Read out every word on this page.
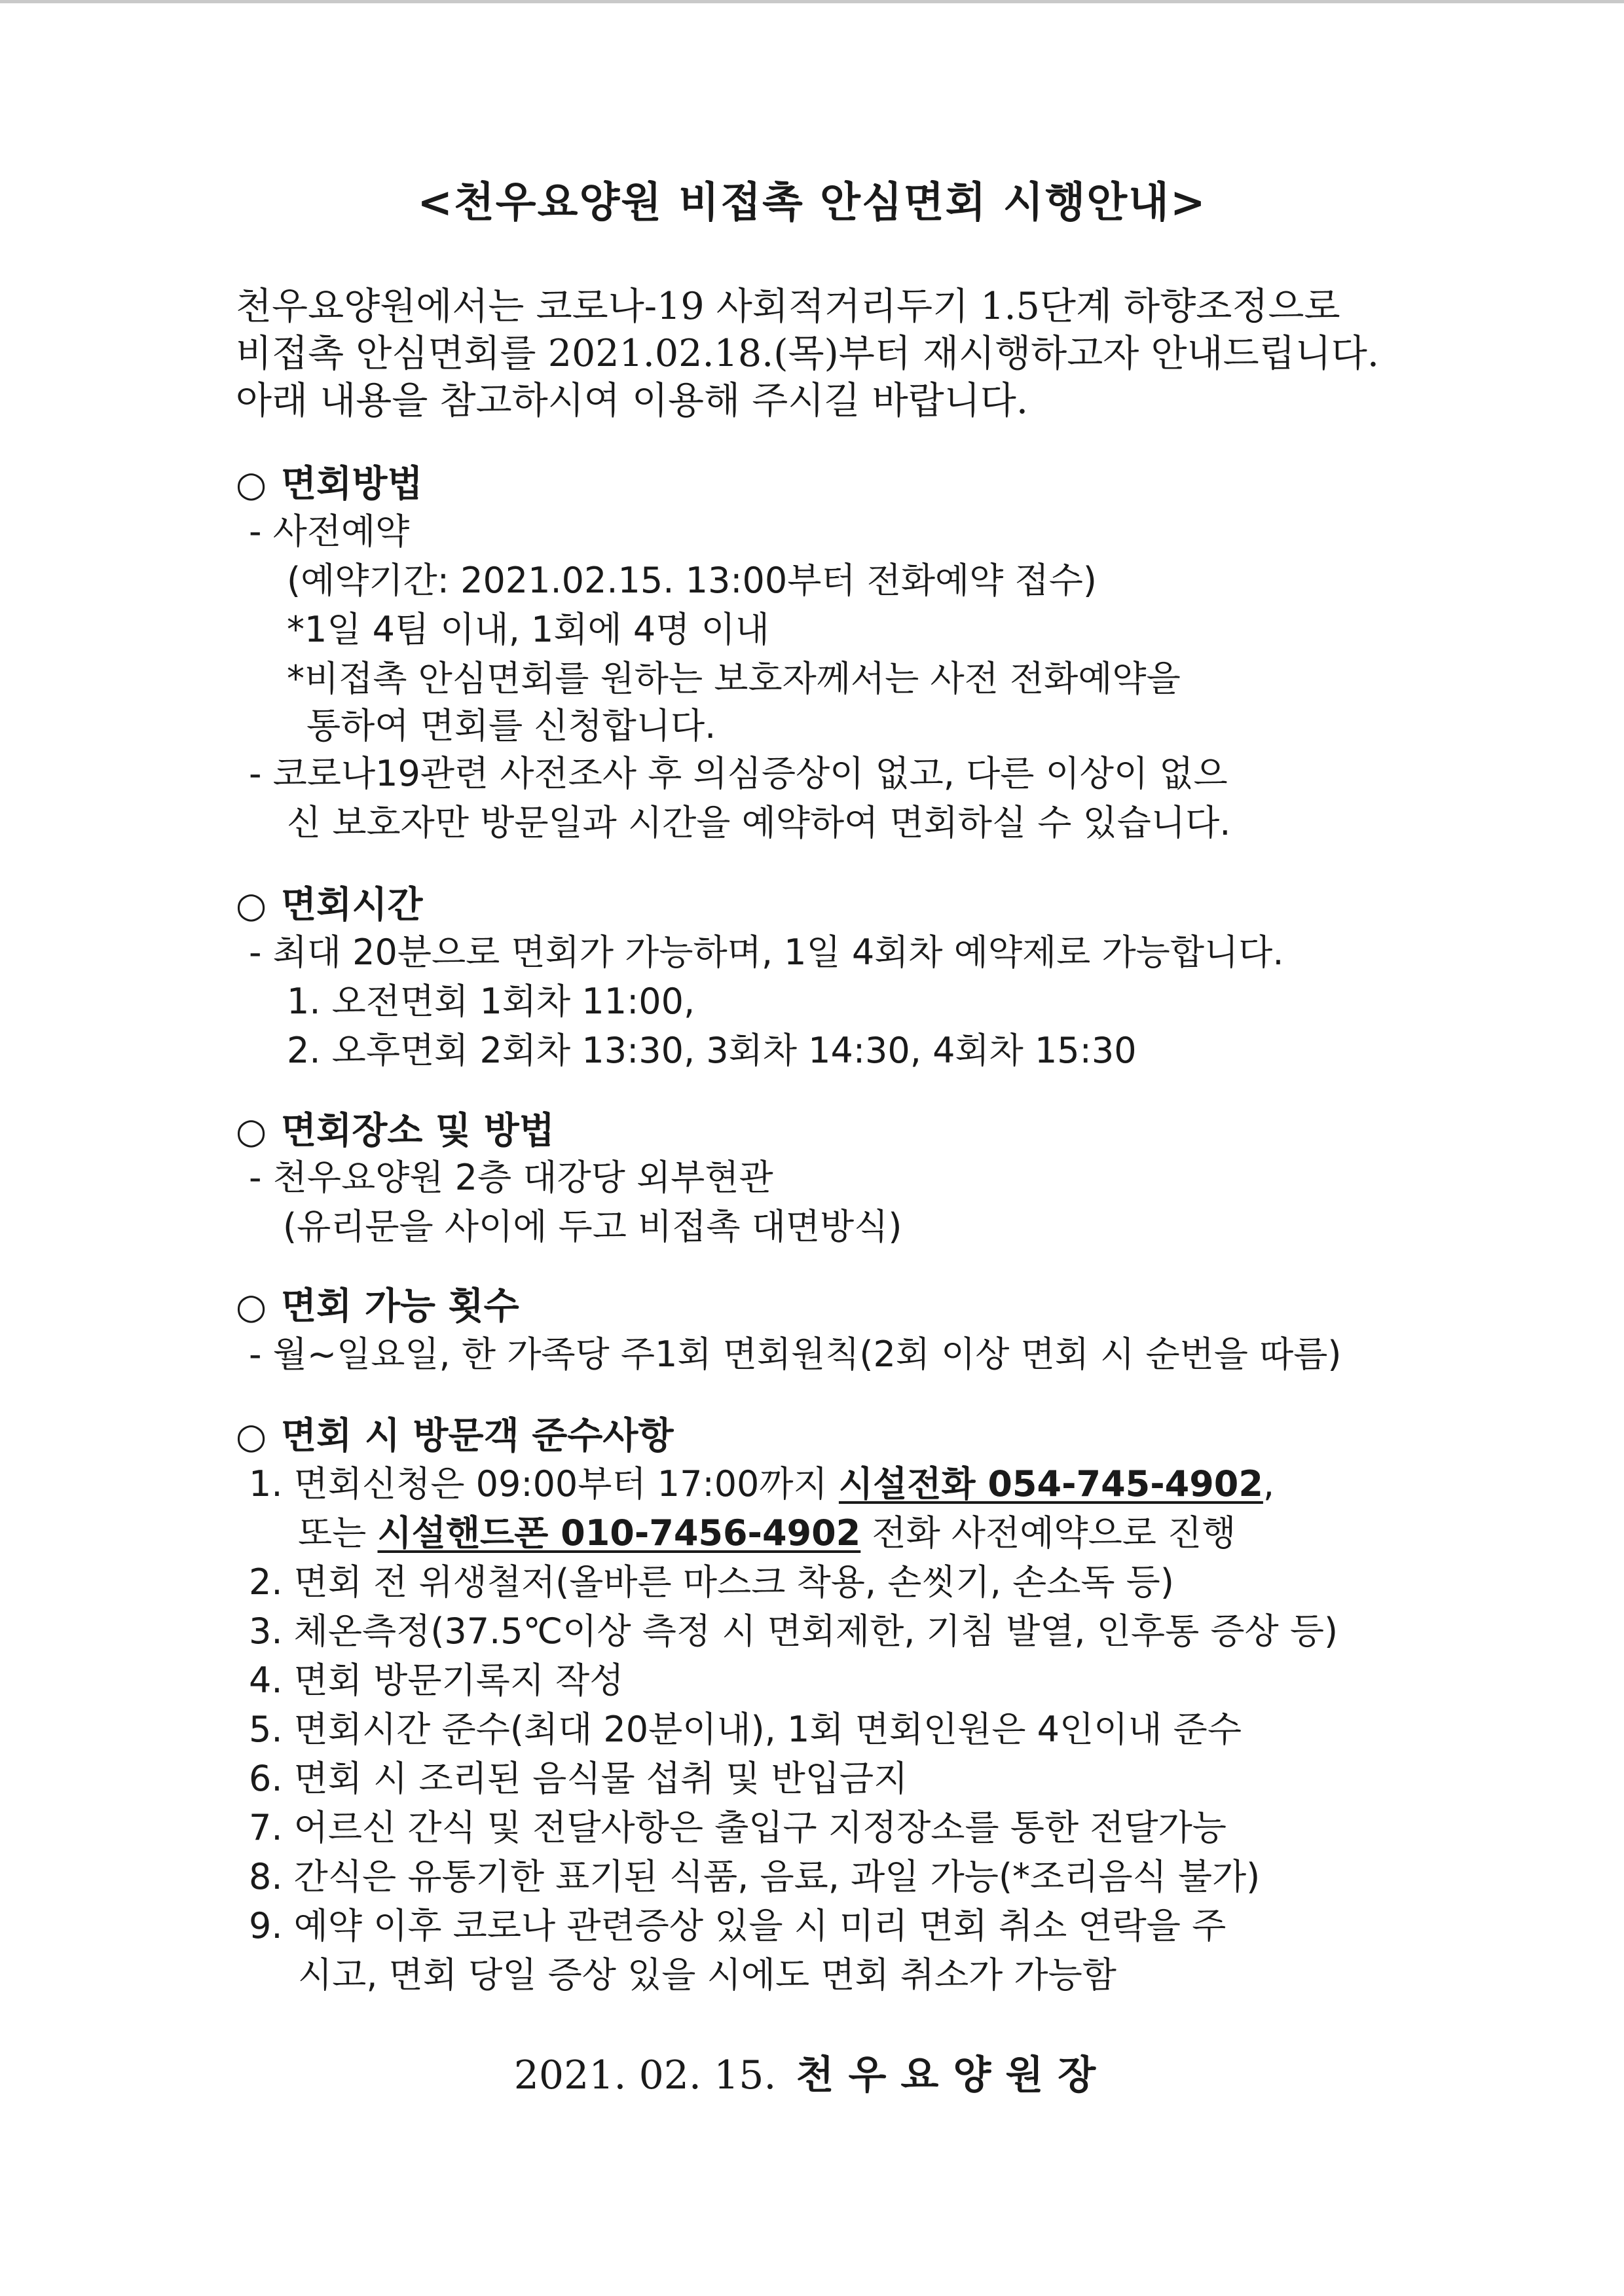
<천우요양원 비접촉 안심면회 시행안내>
천우요양원에서는 코로나-19 사회적거리두기 1.5단계 하향조정으로
비접촉 안심면회를 2021.02.18.(목)부터 재시행하고자 안내드립니다.
아래 내용을 참고하시여 이용해 주시길 바랍니다.
○ 면회방법
- 사전예약
(예약기간: 2021.02.15. 13:00부터 전화예약 접수)
*1일 4팀 이내, 1회에 4명 이내
*비접촉 안심면회를 원하는 보호자께서는 사전 전화예약을
통하여 면회를 신청합니다.
- 코로나19관련 사전조사 후 의심증상이 없고, 다른 이상이 없으
신 보호자만 방문일과 시간을 예약하여 면회하실 수 있습니다.
○ 면회시간
- 최대 20분으로 면회가 가능하며, 1일 4회차 예약제로 가능합니다.
1. 오전면회 1회차 11:00,
2. 오후면회 2회차 13:30, 3회차 14:30, 4회차 15:30
○ 면회장소 및 방법
- 천우요양원 2층 대강당 외부현관
(유리문을 사이에 두고 비접촉 대면방식)
○ 면회 가능 횟수
- 월~일요일, 한 가족당 주1회 면회원칙(2회 이상 면회 시 순번을 따름)
○ 면회 시 방문객 준수사항
1. 면회신청은 09:00부터 17:00까지 시설전화 054-745-4902,
또는 시설핸드폰 010-7456-4902 전화 사전예약으로 진행
2. 면회 전 위생철저(올바른 마스크 착용, 손씻기, 손소독 등)
3. 체온측정(37.5℃이상 측정 시 면회제한, 기침 발열, 인후통 증상 등)
4. 면회 방문기록지 작성
5. 면회시간 준수(최대 20분이내), 1회 면회인원은 4인이내 준수
6. 면회 시 조리된 음식물 섭취 및 반입금지
7. 어르신 간식 및 전달사항은 출입구 지정장소를 통한 전달가능
8. 간식은 유통기한 표기된 식품, 음료, 과일 가능(*조리음식 불가)
9. 예약 이후 코로나 관련증상 있을 시 미리 면회 취소 연락을 주
시고, 면회 당일 증상 있을 시에도 면회 취소가 가능함
2021. 02. 15. 천우요양원장
